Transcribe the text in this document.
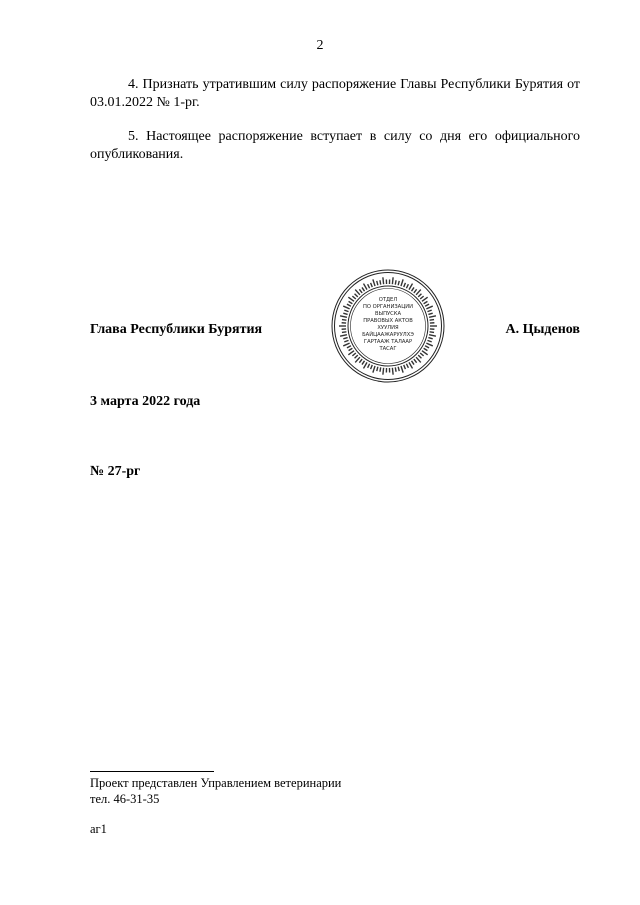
2

4. Признать утратившим силу распоряжение Главы Республики Бурятия от 03.01.2022 № 1-рг.

5. Настоящее распоряжение вступает в силу со дня его официального опубликования.

ОТДЕЛ
ПО ОРГАНИЗАЦИИ
ВЫПУСКА
ПРАВОВЫХ АКТОВ
ХУУЛИЯ
БАЙЦААЖАРУУЛХЭ
ГАРТААЖ ТАЛААР
ТАСАГ
Глава Республики Бурятия	А. Цыденов
3 марта 2022 года
№ 27-рг
Проект представлен Управлением ветеринарии
тел. 46-31-35
аг1
